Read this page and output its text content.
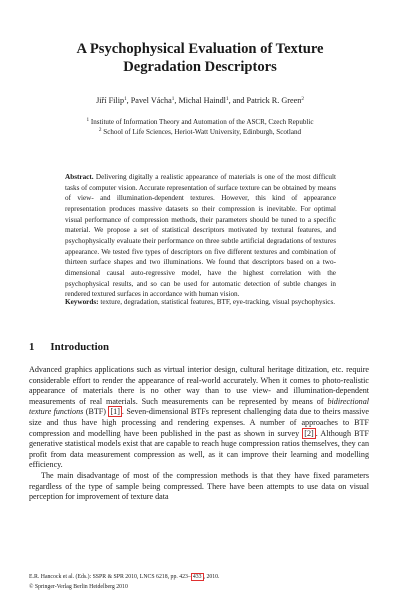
A Psychophysical Evaluation of Texture
Degradation Descriptors
Jiří Filip$^1$, Pavel Vácha$^1$, Michal Haindl$^1$, and Patrick R. Green$^2$
$^1$ Institute of Information Theory and Automation of the ASCR, Czech Republic
$^2$ School of Life Sciences, Heriot-Watt University, Edinburgh, Scotland

Abstract. Delivering digitally a realistic appearance of materials is one of the most difficult tasks of computer vision. Accurate representation of surface texture can be obtained by means of view- and illumination-dependent textures. However, this kind of appearance representation produces massive datasets so their compression is inevitable. For optimal visual performance of compression methods, their parameters should be tuned to a specific material. We propose a set of statistical descriptors motivated by textural features, and psychophysically evaluate their performance on three subtle artificial degradations of textures appearance. We tested five types of descriptors on five different textures and combination of thirteen surface shapes and two illuminations. We found that descriptors based on a two-dimensional causal auto-regressive model, have the highest correlation with the psychophysical results, and so can be used for automatic detection of subtle changes in rendered textured surfaces in accordance with human vision.

Keywords: texture, degradation, statistical features, BTF, eye-tracking, visual psychophysics.

1 Introduction

Advanced graphics applications such as virtual interior design, cultural heritage ditization, etc. require considerable effort to render the appearance of real-world accurately. When it comes to photo-realistic appearance of materials there is no other way than to use view- and illumination-dependent measurements of real materials. Such measurements can be represented by means of bidirectional texture functions (BTF) [1] . Seven-dimensional BTFs represent challenging data due to theirs massive size and thus have high processing and rendering expenses. A number of approaches to BTF compression and modelling have been published in the past as shown in survey [2] . Although BTF generative statistical models exist that are capable to reach huge compression ratios themselves, they can profit from data measurement compression as well, as it can improve their learning and modelling efficiency.

The main disadvantage of most of the compression methods is that they have fixed parameters regardless of the type of sample being compressed. There have been attempts to use data on visual perception for improvement of texture data

E.R. Hancock et al. (Eds.): SSPR & SPR 2010, LNCS 6218, pp. 423– 433 , 2010.
© Springer-Verlag Berlin Heidelberg 2010
